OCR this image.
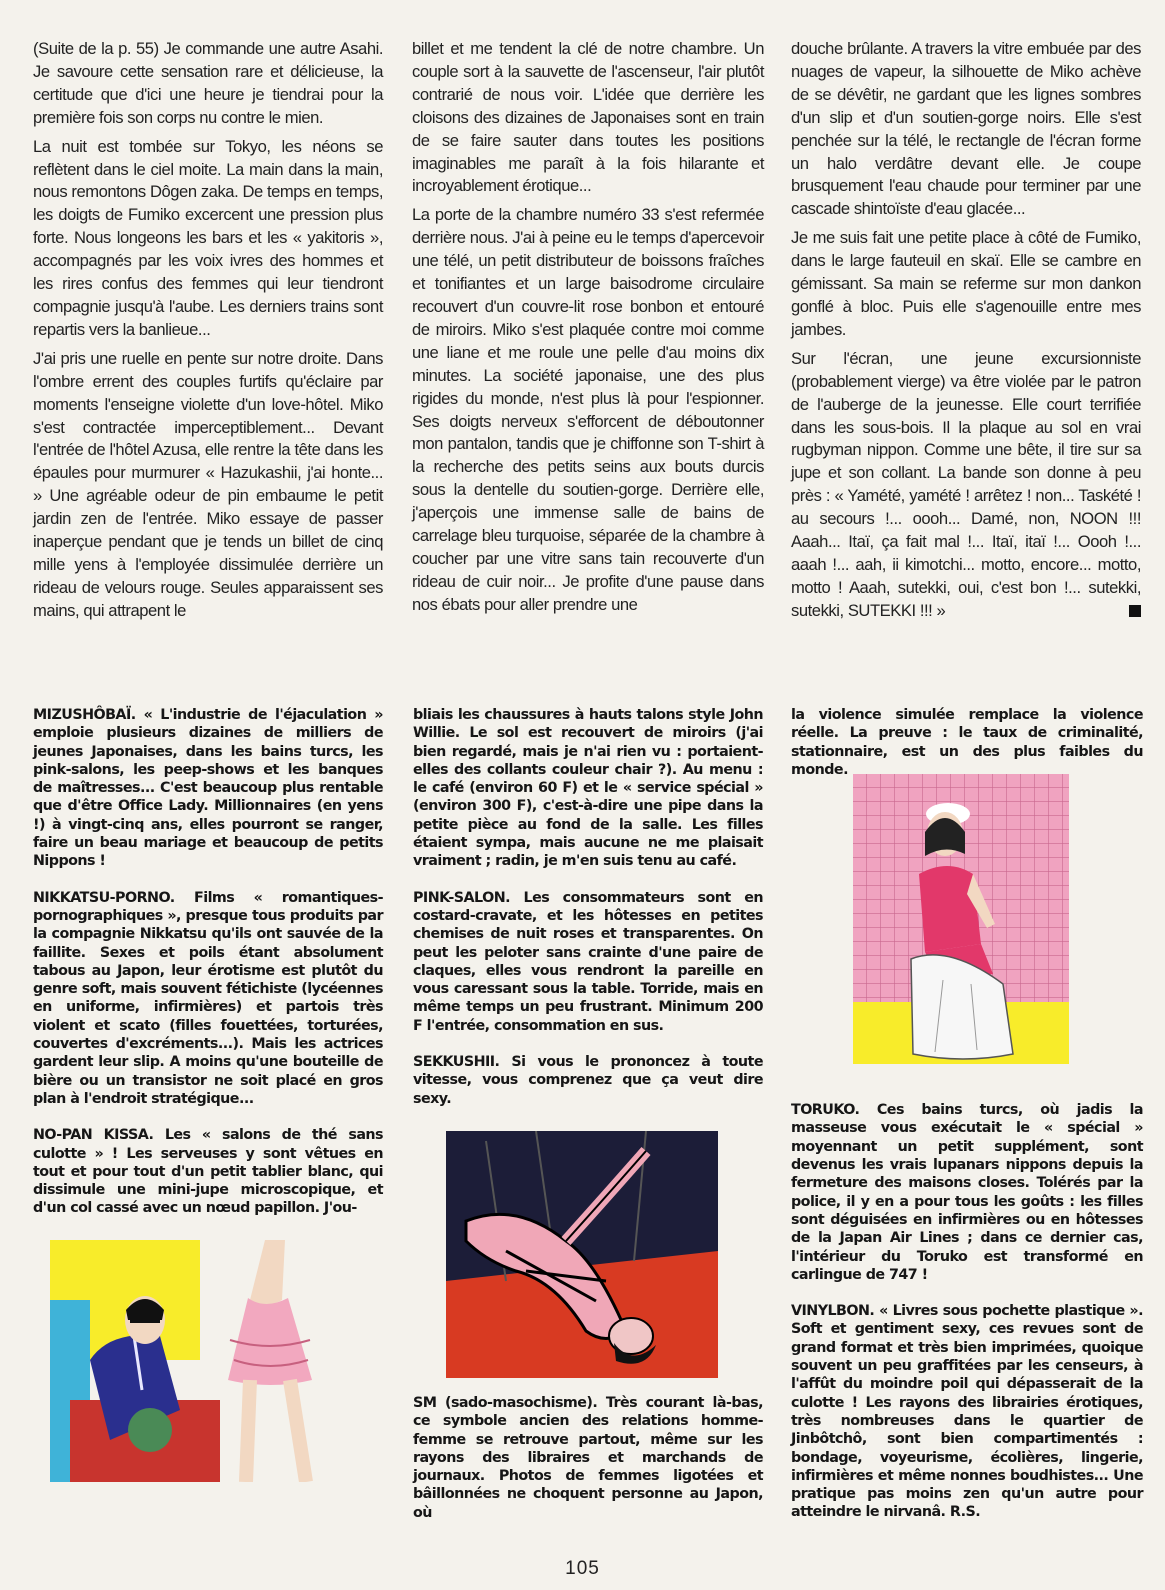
(Suite de la p. 55) Je commande une autre Asahi. Je savoure cette sensation rare et délicieuse, la certitude que d'ici une heure je tiendrai pour la première fois son corps nu contre le mien.

La nuit est tombée sur Tokyo, les néons se reflètent dans le ciel moite. La main dans la main, nous remontons Dôgen zaka. De temps en temps, les doigts de Fumiko excercent une pression plus forte. Nous longeons les bars et les « yakitoris », accompagnés par les voix ivres des hommes et les rires confus des femmes qui leur tiendront compagnie jusqu'à l'aube. Les derniers trains sont repartis vers la banlieue...

J'ai pris une ruelle en pente sur notre droite. Dans l'ombre errent des couples furtifs qu'éclaire par moments l'enseigne violette d'un love-hôtel. Miko s'est contractée imperceptiblement... Devant l'entrée de l'hôtel Azusa, elle rentre la tête dans les épaules pour murmurer « Hazukashii, j'ai honte... » Une agréable odeur de pin embaume le petit jardin zen de l'entrée. Miko essaye de passer inaperçue pendant que je tends un billet de cinq mille yens à l'employée dissimulée derrière un rideau de velours rouge. Seules apparaissent ses mains, qui attrapent le

billet et me tendent la clé de notre chambre. Un couple sort à la sauvette de l'ascenseur, l'air plutôt contrarié de nous voir. L'idée que derrière les cloisons des dizaines de Japonaises sont en train de se faire sauter dans toutes les positions imaginables me paraît à la fois hilarante et incroyablement érotique...

La porte de la chambre numéro 33 s'est refermée derrière nous. J'ai à peine eu le temps d'apercevoir une télé, un petit distributeur de boissons fraîches et tonifiantes et un large baisodrome circulaire recouvert d'un couvre-lit rose bonbon et entouré de miroirs. Miko s'est plaquée contre moi comme une liane et me roule une pelle d'au moins dix minutes. La société japonaise, une des plus rigides du monde, n'est plus là pour l'espionner. Ses doigts nerveux s'efforcent de déboutonner mon pantalon, tandis que je chiffonne son T-shirt à la recherche des petits seins aux bouts durcis sous la dentelle du soutien-gorge. Derrière elle, j'aperçois une immense salle de bains de carrelage bleu turquoise, séparée de la chambre à coucher par une vitre sans tain recouverte d'un rideau de cuir noir... Je profite d'une pause dans nos ébats pour aller prendre une

douche brûlante. A travers la vitre embuée par des nuages de vapeur, la silhouette de Miko achève de se dévêtir, ne gardant que les lignes sombres d'un slip et d'un soutien-gorge noirs. Elle s'est penchée sur la télé, le rectangle de l'écran forme un halo verdâtre devant elle. Je coupe brusquement l'eau chaude pour terminer par une cascade shintoïste d'eau glacée...

Je me suis fait une petite place à côté de Fumiko, dans le large fauteuil en skaï. Elle se cambre en gémissant. Sa main se referme sur mon dankon gonflé à bloc. Puis elle s'agenouille entre mes jambes.

Sur l'écran, une jeune excursionniste (probablement vierge) va être violée par le patron de l'auberge de la jeunesse. Elle court terrifiée dans les sous-bois. Il la plaque au sol en vrai rugbyman nippon. Comme une bête, il tire sur sa jupe et son collant. La bande son donne à peu près : « Yamété, yamété ! arrêtez ! non... Taskété ! au secours !... oooh... Damé, non, NOON !!! Aaah... Itaï, ça fait mal !... Itaï, itaï !... Oooh !... aaah !... aah, ii kimotchi... motto, encore... motto, motto ! Aaah, sutekki, oui, c'est bon !... sutekki, sutekki, SUTEKKI !!! »

MIZUSHÔBAÏ. « L'industrie de l'éjaculation » emploie plusieurs dizaines de milliers de jeunes Japonaises, dans les bains turcs, les pink-salons, les peep-shows et les banques de maîtresses... C'est beaucoup plus rentable que d'être Office Lady. Millionnaires (en yens !) à vingt-cinq ans, elles pourront se ranger, faire un beau mariage et beaucoup de petits Nippons !

NIKKATSU-PORNO. Films « romantiques-pornographiques », presque tous produits par la compagnie Nikkatsu qu'ils ont sauvée de la faillite. Sexes et poils étant absolument tabous au Japon, leur érotisme est plutôt du genre soft, mais souvent fétichiste (lycéennes en uniforme, infirmières) et partois très violent et scato (filles fouettées, torturées, couvertes d'excréments...). Mais les actrices gardent leur slip. A moins qu'une bouteille de bière ou un transistor ne soit placé en gros plan à l'endroit stratégique...

NO-PAN KISSA. Les « salons de thé sans culotte » ! Les serveuses y sont vêtues en tout et pour tout d'un petit tablier blanc, qui dissimule une mini-jupe microscopique, et d'un col cassé avec un nœud papillon. J'ou-

bliais les chaussures à hauts talons style John Willie. Le sol est recouvert de miroirs (j'ai bien regardé, mais je n'ai rien vu : portaient-elles des collants couleur chair ?). Au menu : le café (environ 60 F) et le « service spécial » (environ 300 F), c'est-à-dire une pipe dans la petite pièce au fond de la salle. Les filles étaient sympa, mais aucune ne me plaisait vraiment ; radin, je m'en suis tenu au café.

PINK-SALON. Les consommateurs sont en costard-cravate, et les hôtesses en petites chemises de nuit roses et transparentes. On peut les peloter sans crainte d'une paire de claques, elles vous rendront la pareille en vous caressant sous la table. Torride, mais en même temps un peu frustrant. Minimum 200 F l'entrée, consommation en sus.

SEKKUSHII. Si vous le prononcez à toute vitesse, vous comprenez que ça veut dire sexy.

SM (sado-masochisme). Très courant là-bas, ce symbole ancien des relations homme-femme se retrouve partout, même sur les rayons des libraires et marchands de journaux. Photos de femmes ligotées et bâillonnées ne choquent personne au Japon, où

la violence simulée remplace la violence réelle. La preuve : le taux de criminalité, stationnaire, est un des plus faibles du monde.

TORUKO. Ces bains turcs, où jadis la masseuse vous exécutait le « spécial » moyennant un petit supplément, sont devenus les vrais lupanars nippons depuis la fermeture des maisons closes. Tolérés par la police, il y en a pour tous les goûts : les filles sont déguisées en infirmières ou en hôtesses de la Japan Air Lines ; dans ce dernier cas, l'intérieur du Toruko est transformé en carlingue de 747 !

VINYLBON. « Livres sous pochette plastique ». Soft et gentiment sexy, ces revues sont de grand format et très bien imprimées, quoique souvent un peu graffitées par les censeurs, à l'affût du moindre poil qui dépasserait de la culotte ! Les rayons des librairies érotiques, très nombreuses dans le quartier de Jinbôtchô, sont bien compartimentés : bondage, voyeurisme, écolières, lingerie, infirmières et même nonnes boudhistes... Une pratique pas moins zen qu'un autre pour atteindre le nirvanâ. R.S.

105
